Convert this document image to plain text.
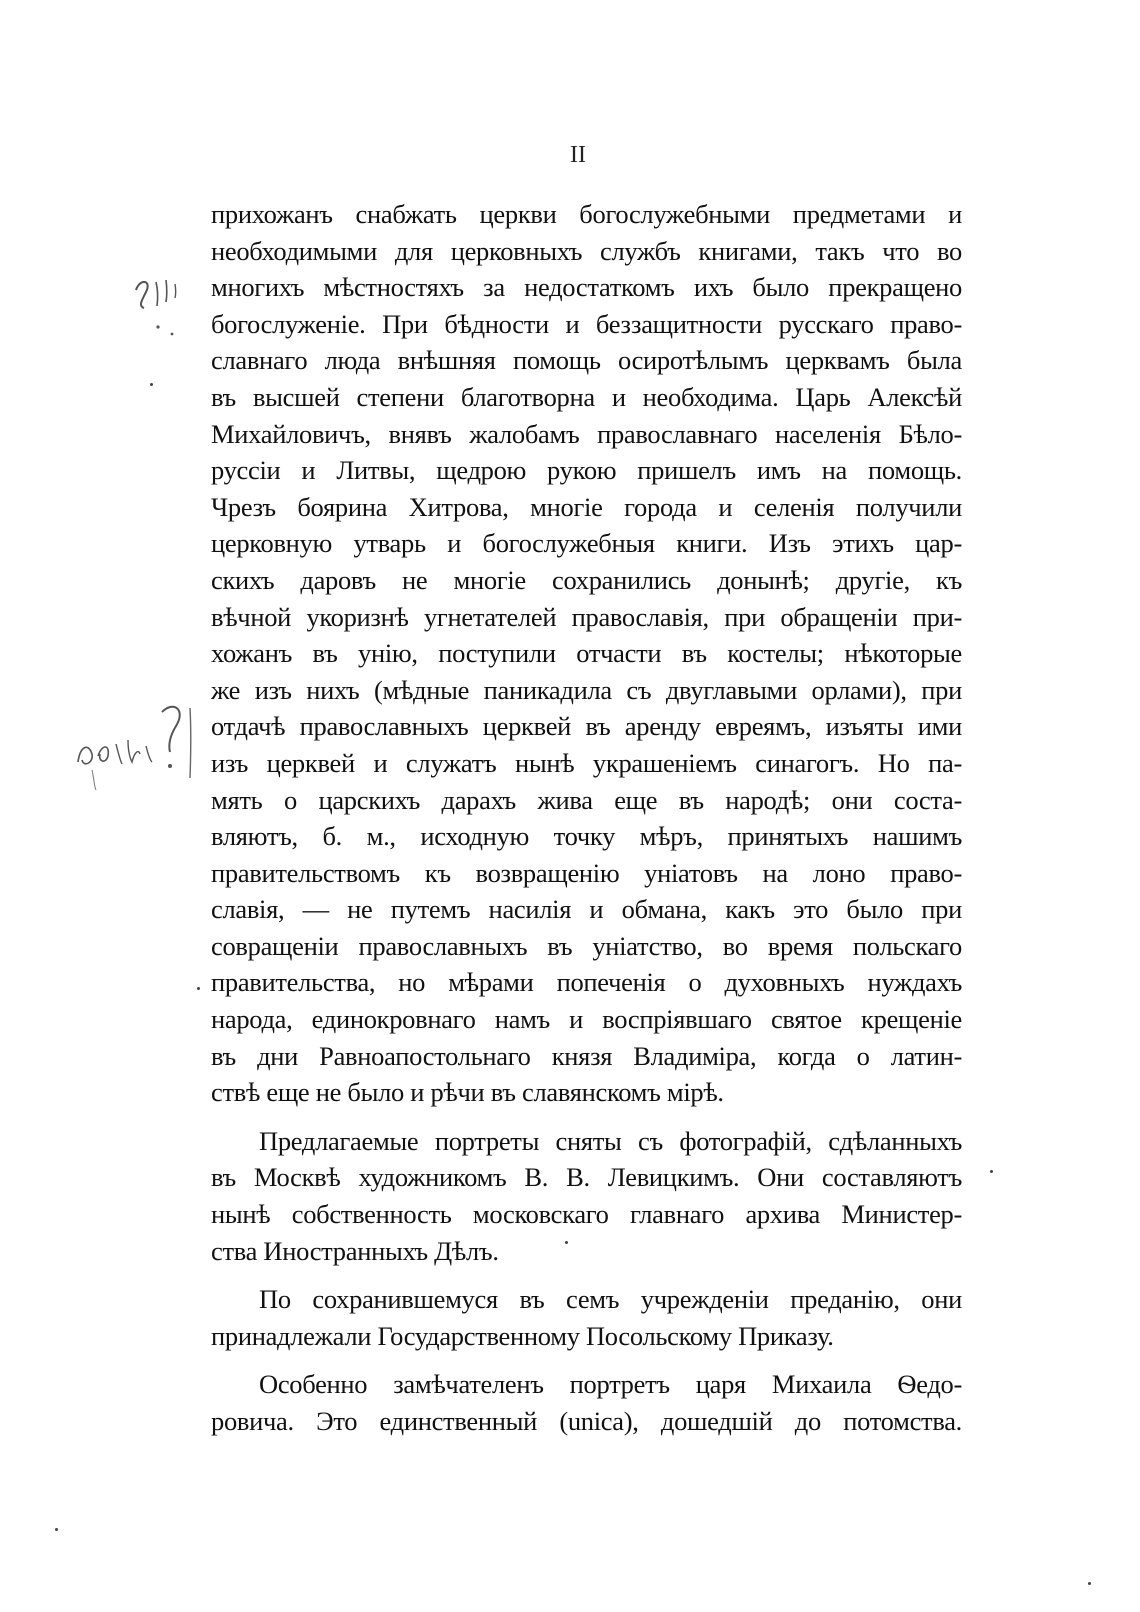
II
прихожанъ снабжать церкви богослужебными предметами и
необходимыми для церковныхъ службъ книгами, такъ что во
многихъ мѣстностяхъ за недостаткомъ ихъ было прекращено
богослуженіе. При бѣдности и беззащитности русскаго право-
славнаго люда внѣшняя помощь осиротѣлымъ церквамъ была
въ высшей степени благотворна и необходима. Царь Алексѣй
Михайловичъ, внявъ жалобамъ православнаго населенія Бѣло-
руссіи и Литвы, щедрою рукою пришелъ имъ на помощь.
Чрезъ боярина Хитрова, многіе города и селенія получили
церковную утварь и богослужебныя книги. Изъ этихъ цар-
скихъ даровъ не многіе сохранились донынѣ; другіе, къ
вѣчной укоризнѣ угнетателей православія, при обращеніи при-
хожанъ въ унію, поступили отчасти въ костелы; нѣкоторые
же изъ нихъ (мѣдные паникадила съ двуглавыми орлами), при
отдачѣ православныхъ церквей въ аренду евреямъ, изъяты ими
изъ церквей и служатъ нынѣ украшеніемъ синагогъ. Но па-
мять о царскихъ дарахъ жива еще въ народѣ; они соста-
вляютъ, б. м., исходную точку мѣръ, принятыхъ нашимъ
правительствомъ къ возвращенію уніатовъ на лоно право-
славія, — не путемъ насилія и обмана, какъ это было при
совращеніи православныхъ въ уніатство, во время польскаго
правительства, но мѣрами попеченія о духовныхъ нуждахъ
народа, единокровнаго намъ и воспріявшаго святое крещеніе
въ дни Равноапостольнаго князя Владиміра, когда о латин-
ствѣ еще не было и рѣчи въ славянскомъ мірѣ.
Предлагаемые портреты сняты съ фотографій, сдѣланныхъ
въ Москвѣ художникомъ В. В. Левицкимъ. Они составляютъ
нынѣ собственность московскаго главнаго архива Министер-
ства Иностранныхъ Дѣлъ.
По сохранившемуся въ семъ учрежденіи преданію, они
принадлежали Государственному Посольскому Приказу.
Особенно замѣчателенъ портретъ царя Михаила Ѳедо-
ровича. Это единственный (unica), дошедшій до потомства.
